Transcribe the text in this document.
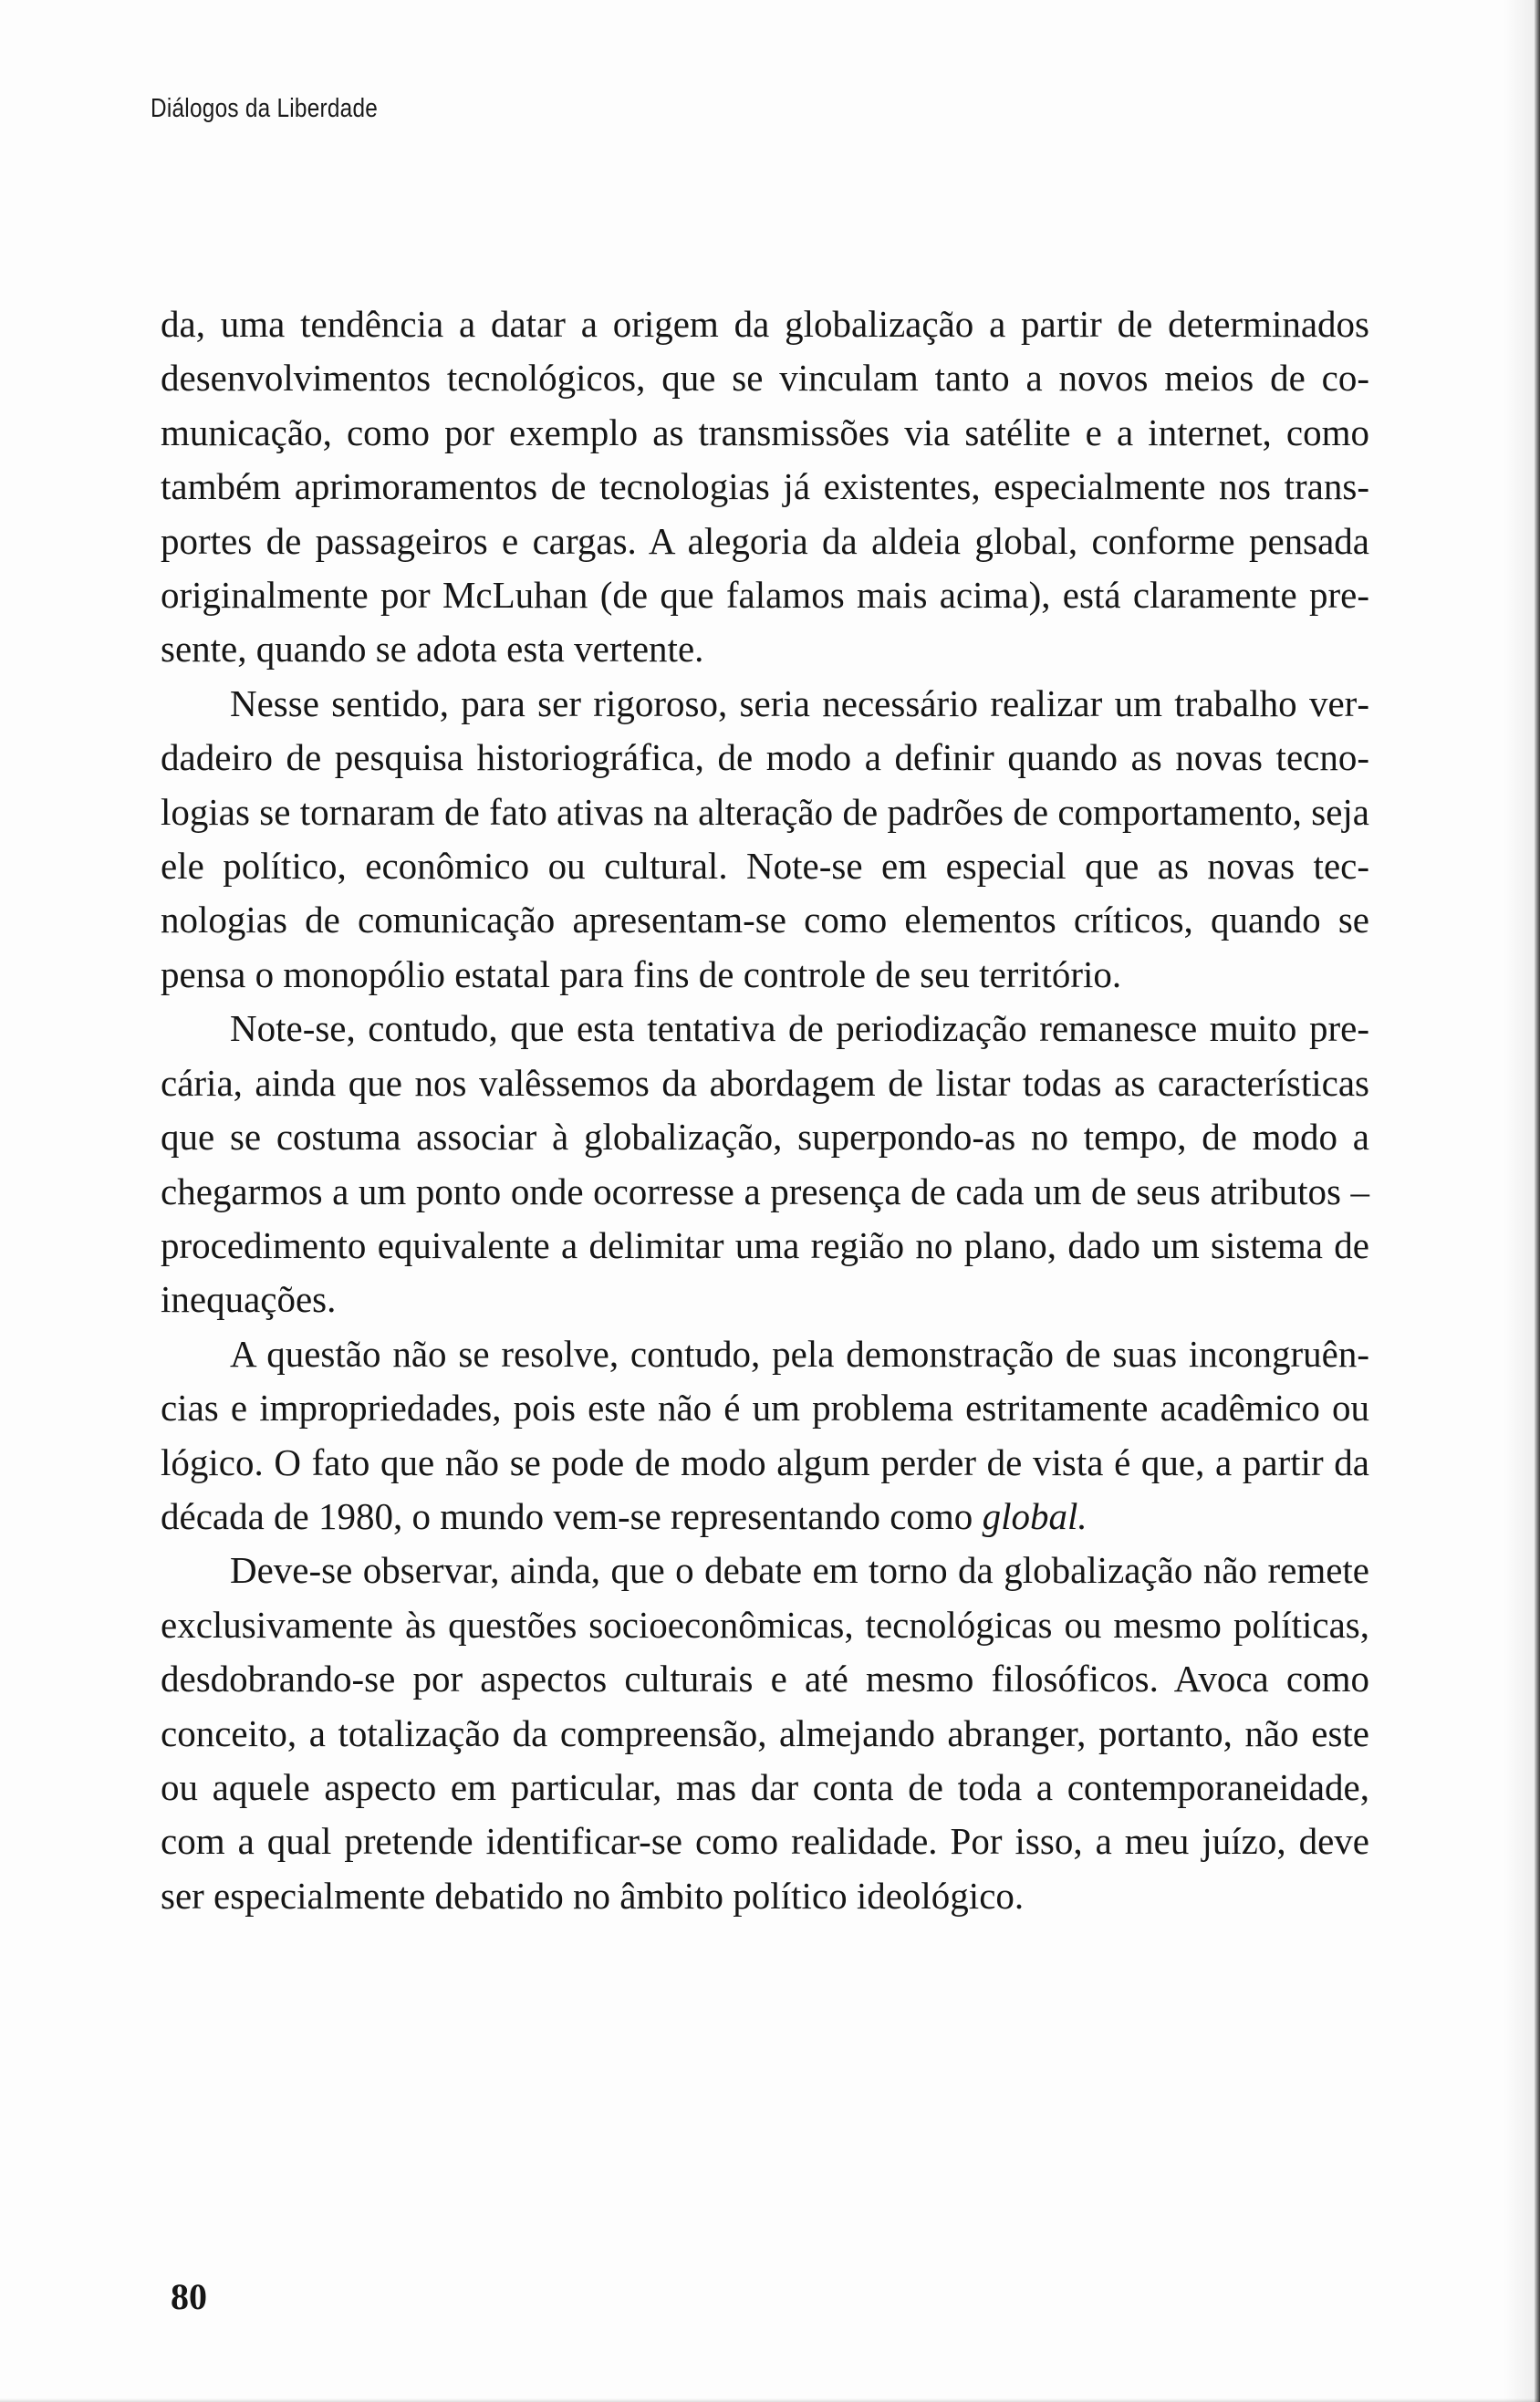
Diálogos da Liberdade

da, uma tendência a datar a origem da globalização a partir de determinados desenvolvimentos tecnológicos, que se vinculam tanto a novos meios de comunicação, como por exemplo as transmissões via satélite e a internet, como também aprimoramentos de tecnologias já existentes, especialmente nos transportes de passageiros e cargas. A alegoria da aldeia global, conforme pensada originalmente por McLuhan (de que falamos mais acima), está claramente presente, quando se adota esta vertente.

Nesse sentido, para ser rigoroso, seria necessário realizar um trabalho verdadeiro de pesquisa historiográfica, de modo a definir quando as novas tecnologias se tornaram de fato ativas na alteração de padrões de comportamento, seja ele político, econômico ou cultural. Note-se em especial que as novas tecnologias de comunicação apresentam-se como elementos críticos, quando se pensa o monopólio estatal para fins de controle de seu território.

Note-se, contudo, que esta tentativa de periodização remanesce muito precária, ainda que nos valêssemos da abordagem de listar todas as características que se costuma associar à globalização, superpondo-as no tempo, de modo a chegarmos a um ponto onde ocorresse a presença de cada um de seus atributos – procedimento equivalente a delimitar uma região no plano, dado um sistema de inequações.

A questão não se resolve, contudo, pela demonstração de suas incongruências e impropriedades, pois este não é um problema estritamente acadêmico ou lógico. O fato que não se pode de modo algum perder de vista é que, a partir da década de 1980, o mundo vem-se representando como global.

Deve-se observar, ainda, que o debate em torno da globalização não remete exclusivamente às questões socioeconômicas, tecnológicas ou mesmo políticas, desdobrando-se por aspectos culturais e até mesmo filosóficos. Avoca como conceito, a totalização da compreensão, almejando abranger, portanto, não este ou aquele aspecto em particular, mas dar conta de toda a contemporaneidade, com a qual pretende identificar-se como realidade. Por isso, a meu juízo, deve ser especialmente debatido no âmbito político ideológico.

80
